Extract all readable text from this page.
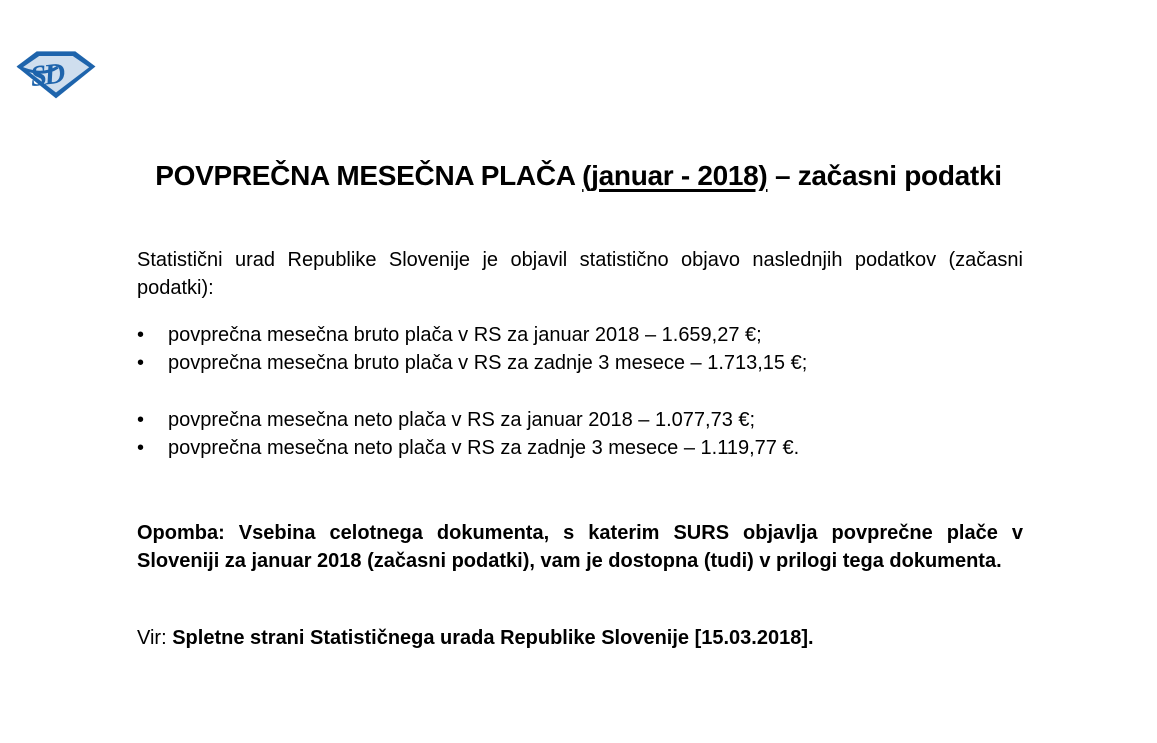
SD
POVPREČNA MESEČNA PLAČA (januar - 2018) – začasni podatki

Statistični urad Republike Slovenije je objavil statistično objavo naslednjih podatkov (začasni podatki):

•	povprečna mesečna bruto plača v RS za januar 2018 – 1.659,27 €;
•	povprečna mesečna bruto plača v RS za zadnje 3 mesece – 1.713,15 €;
•	povprečna mesečna neto plača v RS za januar 2018 – 1.077,73 €;
•	povprečna mesečna neto plača v RS za zadnje 3 mesece – 1.119,77 €.

Opomba: Vsebina celotnega dokumenta, s katerim SURS objavlja povprečne plače v Sloveniji za januar 2018 (začasni podatki), vam je dostopna (tudi) v prilogi tega dokumenta.

Vir: Spletne strani Statističnega urada Republike Slovenije [15.03.2018].
